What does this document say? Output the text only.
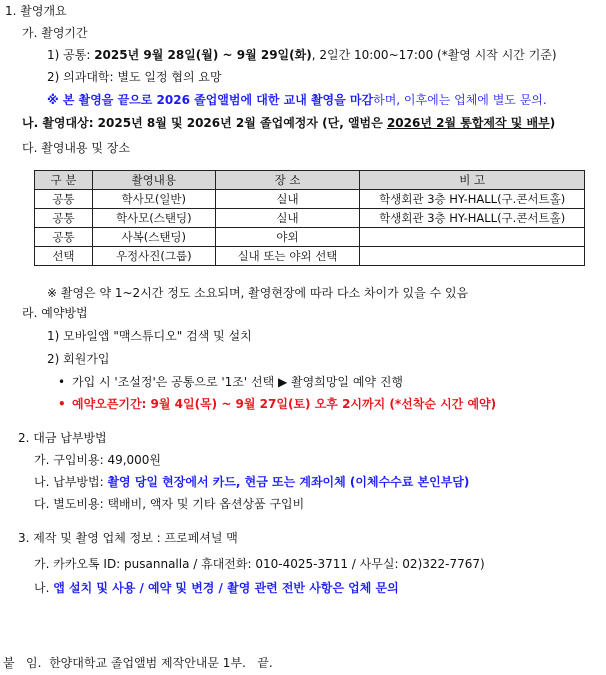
1. 촬영개요
가. 촬영기간
1) 공통: 2025년 9월 28일(월) ~ 9월 29일(화), 2일간 10:00~17:00 (*촬영 시작 시간 기준)
2) 의과대학: 별도 일정 협의 요망
※ 본 촬영을 끝으로 2026 졸업앨범에 대한 교내 촬영을 마감하며, 이후에는 업체에 별도 문의.
나. 촬영대상: 2025년 8월 및 2026년 2월 졸업예정자 (단, 앨범은 2026년 2월 통합제작 및 배부)
다. 촬영내용 및 장소
구 분	촬영내용	장 소	비 고
공통	학사모(일반)	실내	학생회관 3층 HY-HALL(구.콘서트홀)
공통	학사모(스탠딩)	실내	학생회관 3층 HY-HALL(구.콘서트홀)
공통	사복(스탠딩)	야외	
선택	우정사진(그룹)	실내 또는 야외 선택	
※ 촬영은 약 1~2시간 정도 소요되며, 촬영현장에 따라 다소 차이가 있을 수 있음
라. 예약방법
1) 모바일앱 "맥스튜디오" 검색 및 설치
2) 회원가입
• 가입 시 '조설정'은 공통으로 '1조' 선택 ▶ 촬영희망일 예약 진행
• 예약오픈기간: 9월 4일(목) ~ 9월 27일(토) 오후 2시까지 (*선착순 시간 예약)
2. 대금 납부방법
가. 구입비용: 49,000원
나. 납부방법: 촬영 당일 현장에서 카드, 현금 또는 계좌이체 (이체수수료 본인부담)
다. 별도비용: 택배비, 액자 및 기타 옵션상품 구입비
3. 제작 및 촬영 업체 정보 : 프로페셔널 맥
가. 카카오톡 ID: pusannalla / 휴대전화: 010-4025-3711 / 사무실: 02)322-7767)
나. 앱 설치 및 사용 / 예약 및 변경 / 촬영 관련 전반 사항은 업체 문의
붙   임.  한양대학교 졸업앨범 제작안내문 1부.   끝.
